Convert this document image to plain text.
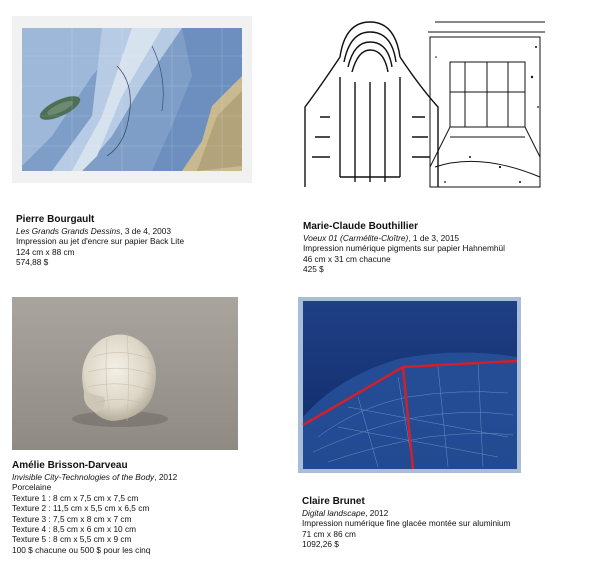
Pierre Bourgault
Les Grands Grands Dessins, 3 de 4, 2003
Impression au jet d'encre sur papier Back Lite
124 cm x 88 cm
574,88 $
Marie-Claude Bouthillier
Voeux 01 (Carmélite-Cloître), 1 de 3, 2015
Impression numérique pigments sur papier Hahnemhül
46 cm x 31 cm chacune
425 $
Amélie Brisson-Darveau
Invisible City-Technologies of the Body, 2012
Porcelaine
Texture 1 : 8 cm x 7,5 cm x 7,5 cm
Texture 2 : 11,5 cm x 5,5 cm x 6,5 cm
Texture 3 : 7,5 cm x 8 cm x 7 cm
Texture 4 : 8,5 cm x 6 cm x 10 cm
Texture 5 : 8 cm x 5,5 cm x 9 cm
100 $ chacune ou 500 $ pour les cinq
Claire Brunet
Digital landscape, 2012
Impression numérique fine glacée montée sur aluminium
71 cm x 86 cm
1092,26 $
